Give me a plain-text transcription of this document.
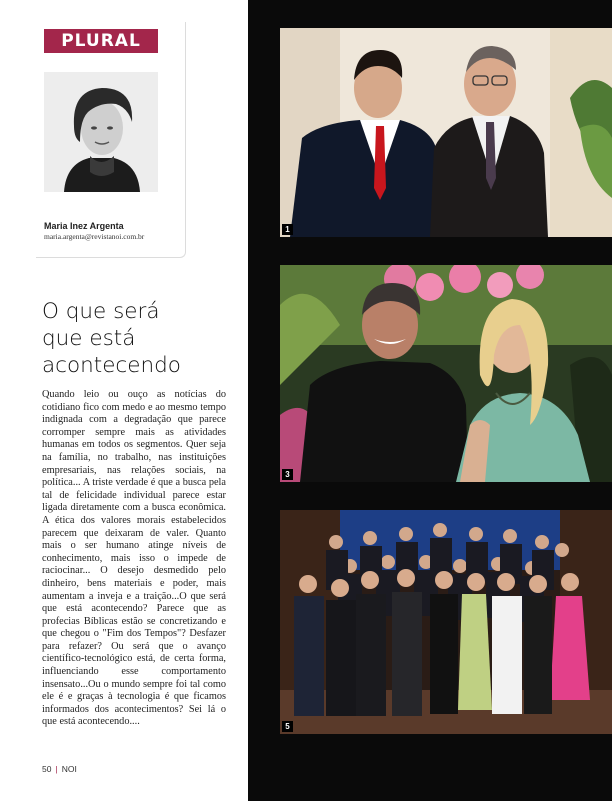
PLURAL
Maria Inez Argenta
maria.argenta@revistanoi.com.br
O que será
que está
acontecendo

Quando leio ou ouço as notícias do cotidiano fico com medo e ao mesmo tempo indignada com a degradação que parece corromper sempre mais as atividades humanas em todos os segmentos. Quer seja na família, no trabalho, nas instituições empresariais, nas relações sociais, na política... A triste verdade é que a busca pela tal de felicidade individual parece estar ligada diretamente com a busca econômica. A ética dos valores morais estabelecidos parecem que deixaram de valer. Quanto mais o ser humano atinge níveis de conhecimento, mais isso o impede de raciocinar... O desejo desmedido pelo dinheiro, bens materiais e poder, mais aumentam a inveja e a traição...O que será que está acontecendo? Parece que as profecias Bíblicas estão se concretizando e que chegou o "Fim dos Tempos"? Desfazer para refazer? Ou será que o avanço científico-tecnológico está, de certa forma, influenciando esse comportamento insensato...Ou o mundo sempre foi tal como ele é e graças à tecnologia é que ficamos informados dos acontecimentos? Sei lá o que está acontecendo....

50 | NOI
1
3
5
